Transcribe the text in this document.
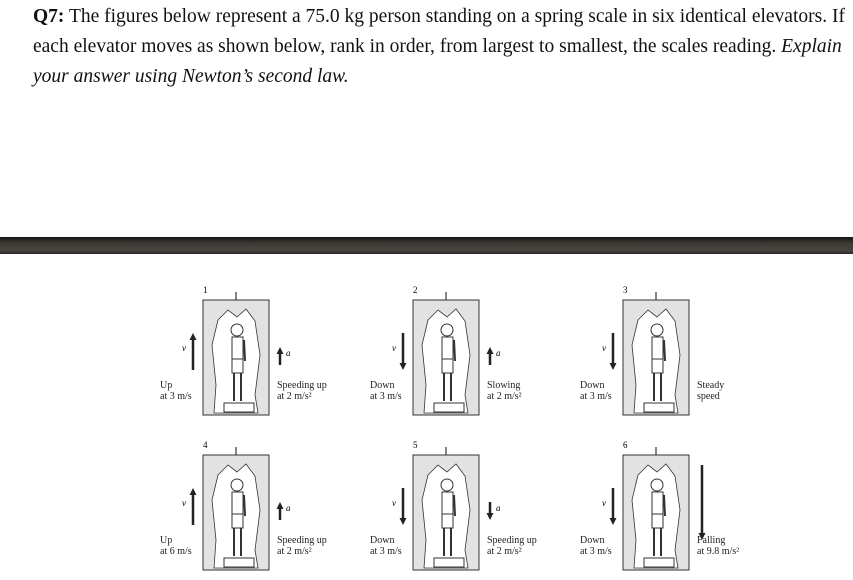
Q7: The figures below represent a 75.0 kg person standing on a spring scale in six identical elevators. If each elevator moves as shown below, rank in order, from largest to smallest, the scales reading. Explain your answer using Newton’s second law.
1
v⃗	a⃗
Up
at 3 m/s
Speeding up
at 2 m/s²
2
v⃗	a⃗
Down
at 3 m/s
Slowing
at 2 m/s²
3
v⃗
Down
at 3 m/s
Steady
speed
4
v⃗	a⃗
Up
at 6 m/s
Speeding up
at 2 m/s²
5
v⃗	a⃗
Down
at 3 m/s
Speeding up
at 2 m/s²
6
v⃗
Down
at 3 m/s
Falling
at 9.8 m/s²
